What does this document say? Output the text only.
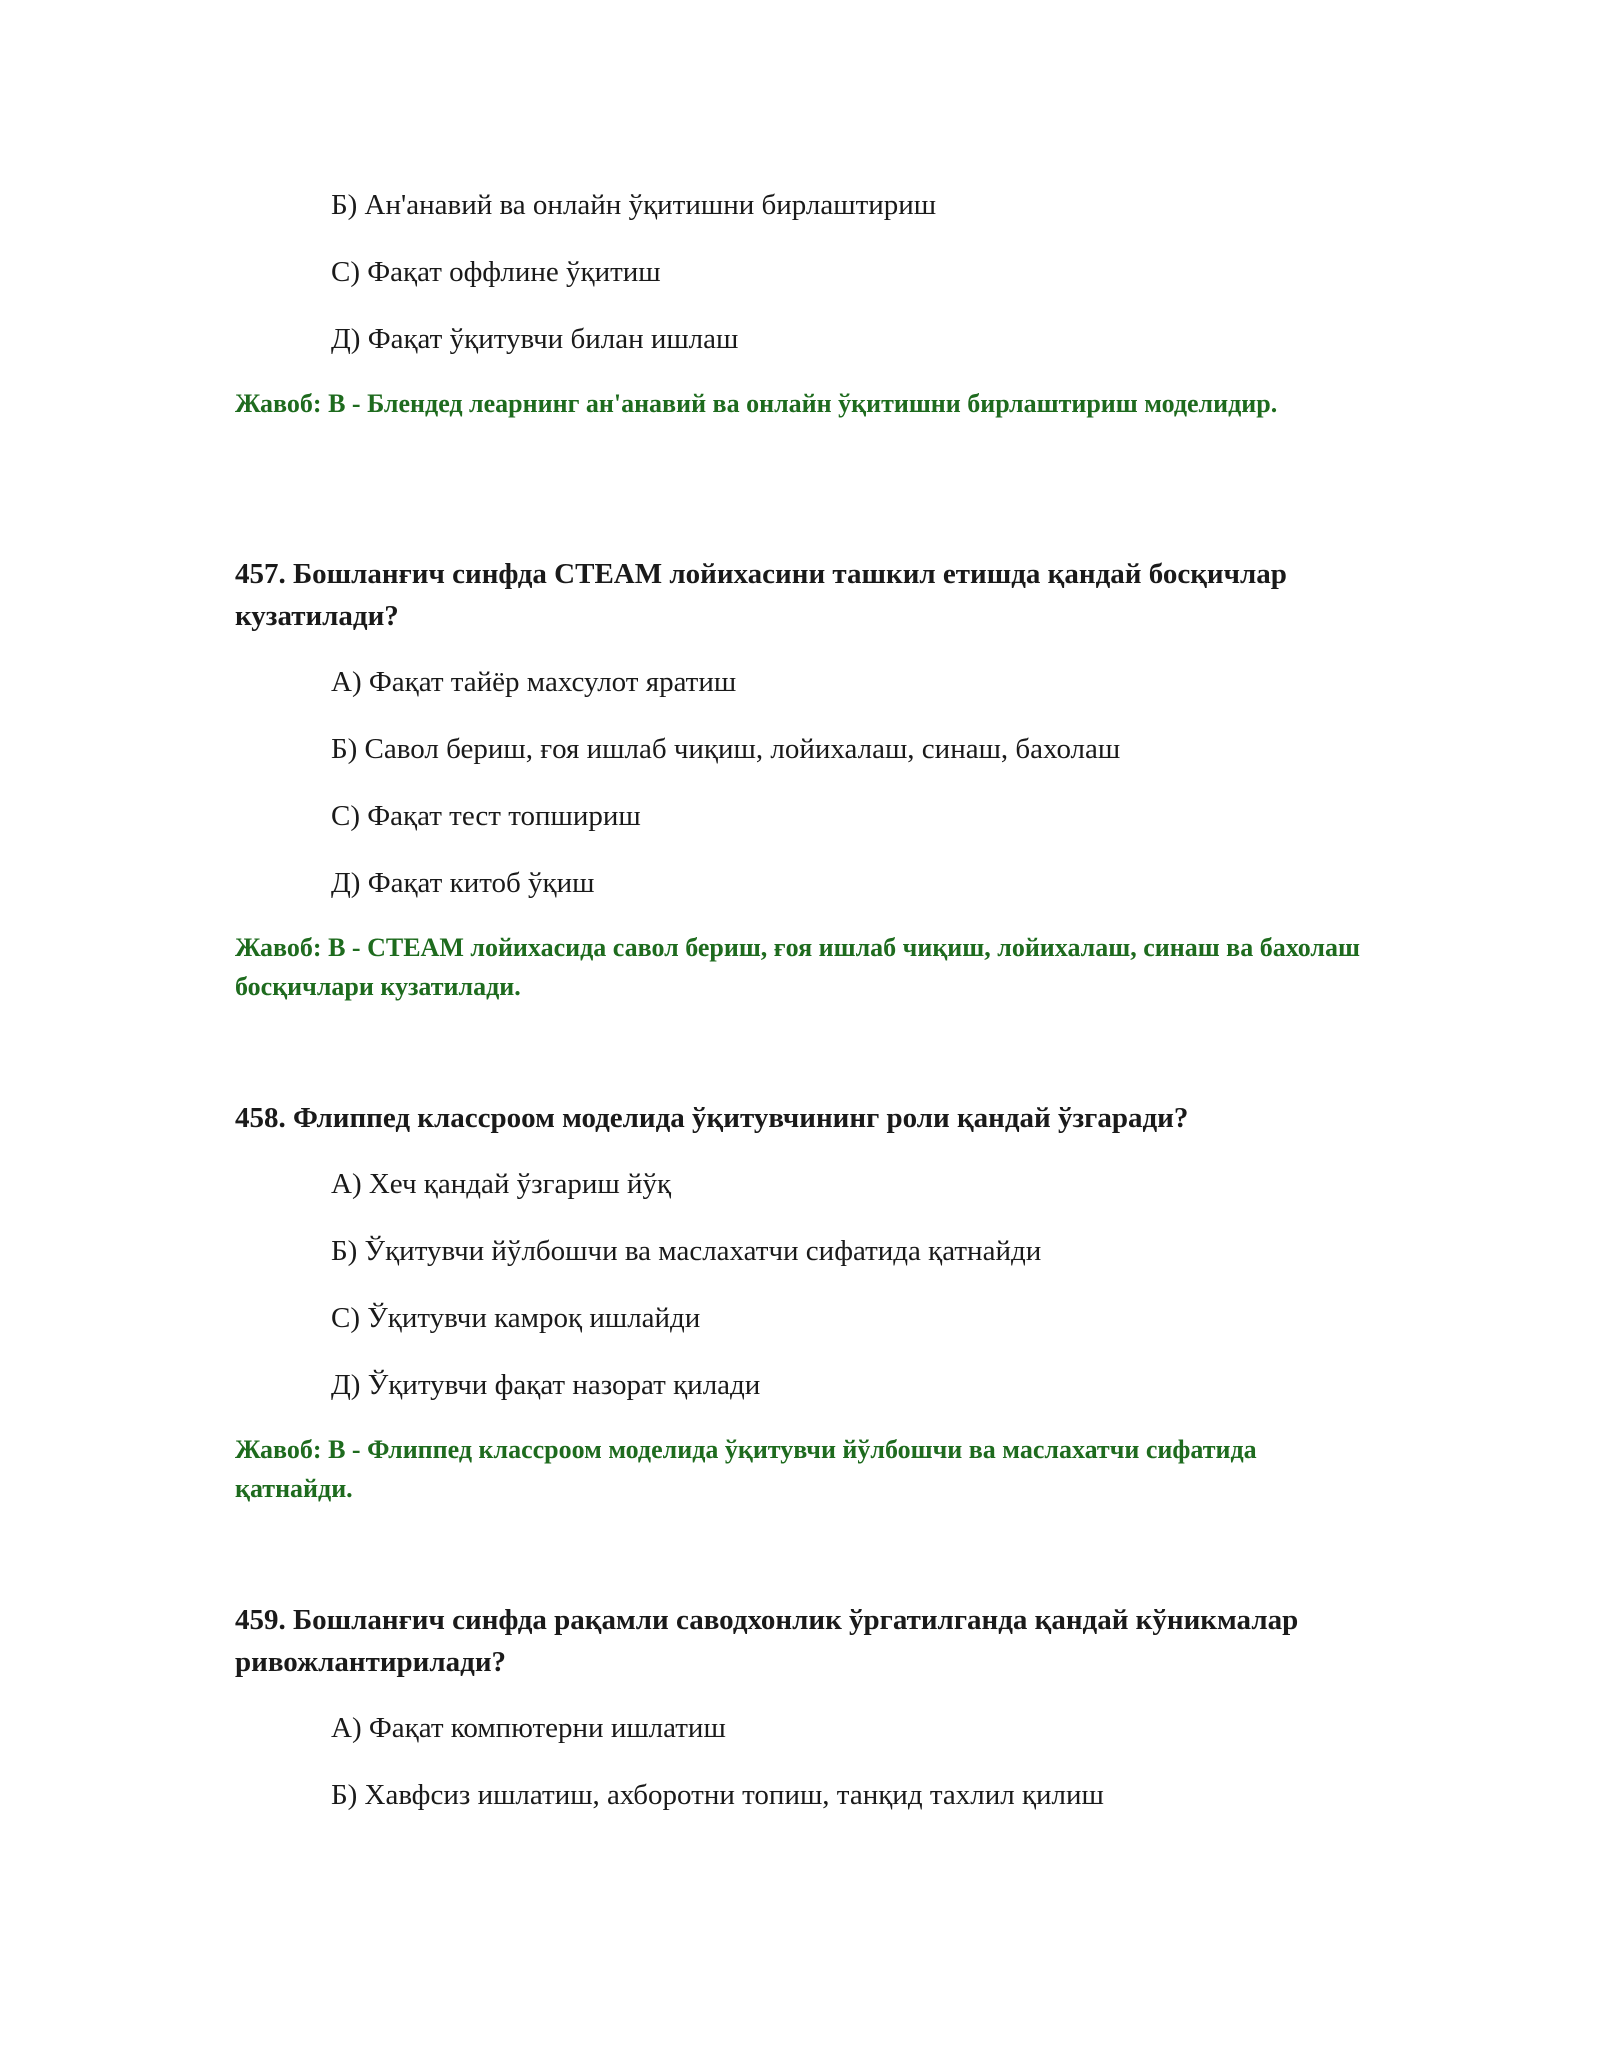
Б) Ан'анавий ва онлайн ўқитишни бирлаштириш
С) Фақат оффлине ўқитиш
Д) Фақат ўқитувчи билан ишлаш
Жавоб: В - Блендед леарнинг ан'анавий ва онлайн ўқитишни бирлаштириш моделидир.
457. Бошланғич синфда СТЕАМ лойихасини ташкил етишда қандай босқичлар кузатилади?
А) Фақат тайёр махсулот яратиш
Б) Савол бериш, ғоя ишлаб чиқиш, лойихалаш, синаш, бахолаш
С) Фақат тест топшириш
Д) Фақат китоб ўқиш
Жавоб: В - СТЕАМ лойихасида савол бериш, ғоя ишлаб чиқиш, лойихалаш, синаш ва бахолаш босқичлари кузатилади.
458. Флиппед классроом моделида ўқитувчининг роли қандай ўзгаради?
А) Хеч қандай ўзгариш йўқ
Б) Ўқитувчи йўлбошчи ва маслахатчи сифатида қатнайди
С) Ўқитувчи камроқ ишлайди
Д) Ўқитувчи фақат назорат қилади
Жавоб: В - Флиппед классроом моделида ўқитувчи йўлбошчи ва маслахатчи сифатида қатнайди.
459. Бошланғич синфда рақамли саводхонлик ўргатилганда қандай кўникмалар ривожлантирилади?
А) Фақат компютерни ишлатиш
Б) Хавфсиз ишлатиш, ахборотни топиш, танқид тахлил қилиш
